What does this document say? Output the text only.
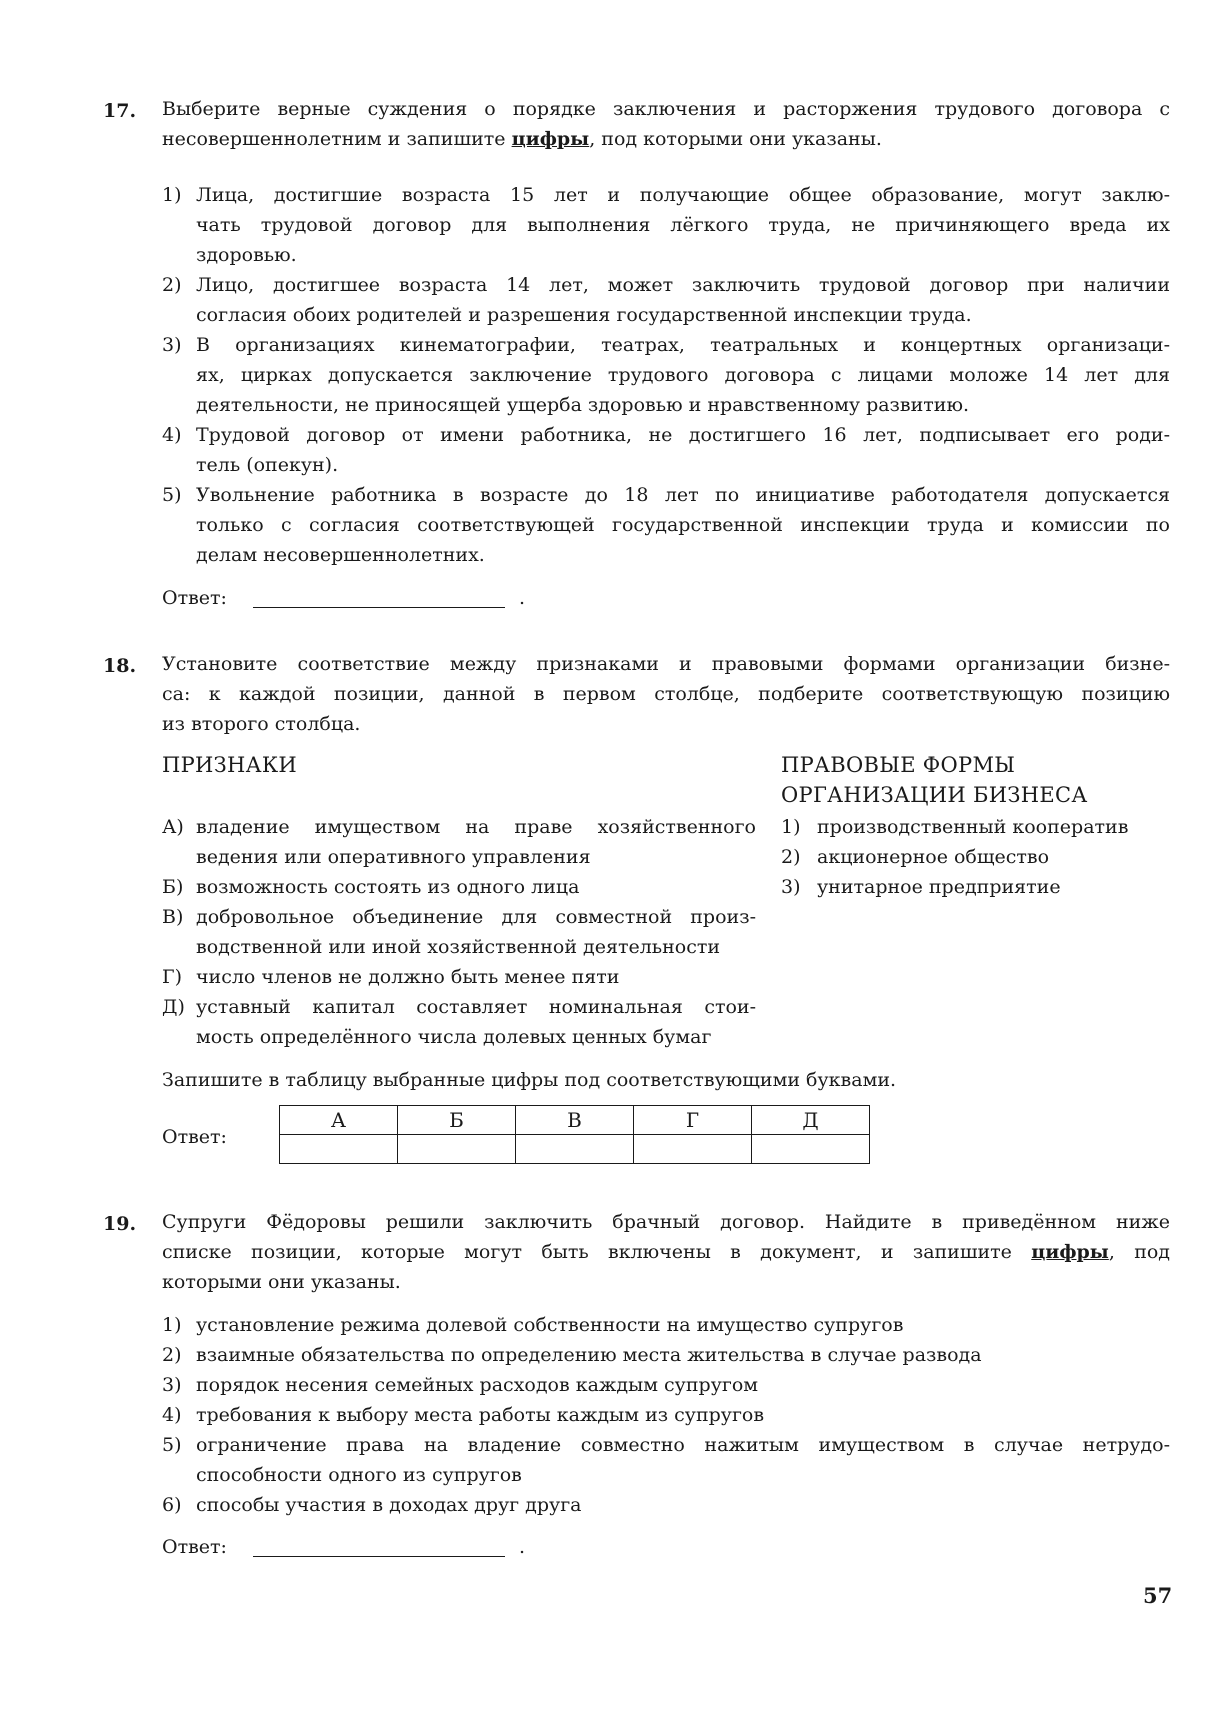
17. Выберите верные суждения о порядке заключения и расторжения трудового договора с
несовершеннолетним и запишите цифры, под которыми они указаны.
1) Лица, достигшие возраста 15 лет и получающие общее образование, могут заклю-
чать трудовой договор для выполнения лёгкого труда, не причиняющего вреда их
здоровью.
2) Лицо, достигшее возраста 14 лет, может заключить трудовой договор при наличии
согласия обоих родителей и разрешения государственной инспекции труда.
3) В организациях кинематографии, театрах, театральных и концертных организаци-
ях, цирках допускается заключение трудового договора с лицами моложе 14 лет для
деятельности, не приносящей ущерба здоровью и нравственному развитию.
4) Трудовой договор от имени работника, не достигшего 16 лет, подписывает его роди-
тель (опекун).
5) Увольнение работника в возрасте до 18 лет по инициативе работодателя допускается
только с согласия соответствующей государственной инспекции труда и комиссии по
делам несовершеннолетних.
Ответ:	.
18. Установите соответствие между признаками и правовыми формами организации бизне-
са: к каждой позиции, данной в первом столбце, подберите соответствующую позицию
из второго столбца.
ПРИЗНАКИ	ПРАВОВЫЕ ФОРМЫ
ОРГАНИЗАЦИИ БИЗНЕСА
А) владение имуществом на праве хозяйственного
ведения или оперативного управления
Б) возможность состоять из одного лица
В) добровольное объединение для совместной произ-
водственной или иной хозяйственной деятельности
Г) число членов не должно быть менее пяти
Д) уставный капитал составляет номинальная стои-
мость определённого числа долевых ценных бумаг
1) производственный кооператив
2) акционерное общество
3) унитарное предприятие
Запишите в таблицу выбранные цифры под соответствующими буквами.
Ответ:
А	Б	В	Г	Д

19. Супруги Фёдоровы решили заключить брачный договор. Найдите в приведённом ниже
списке позиции, которые могут быть включены в документ, и запишите цифры, под
которыми они указаны.
1) установление режима долевой собственности на имущество супругов
2) взаимные обязательства по определению места жительства в случае развода
3) порядок несения семейных расходов каждым супругом
4) требования к выбору места работы каждым из супругов
5) ограничение права на владение совместно нажитым имуществом в случае нетрудо-
способности одного из супругов
6) способы участия в доходах друг друга
Ответ:	.
57
